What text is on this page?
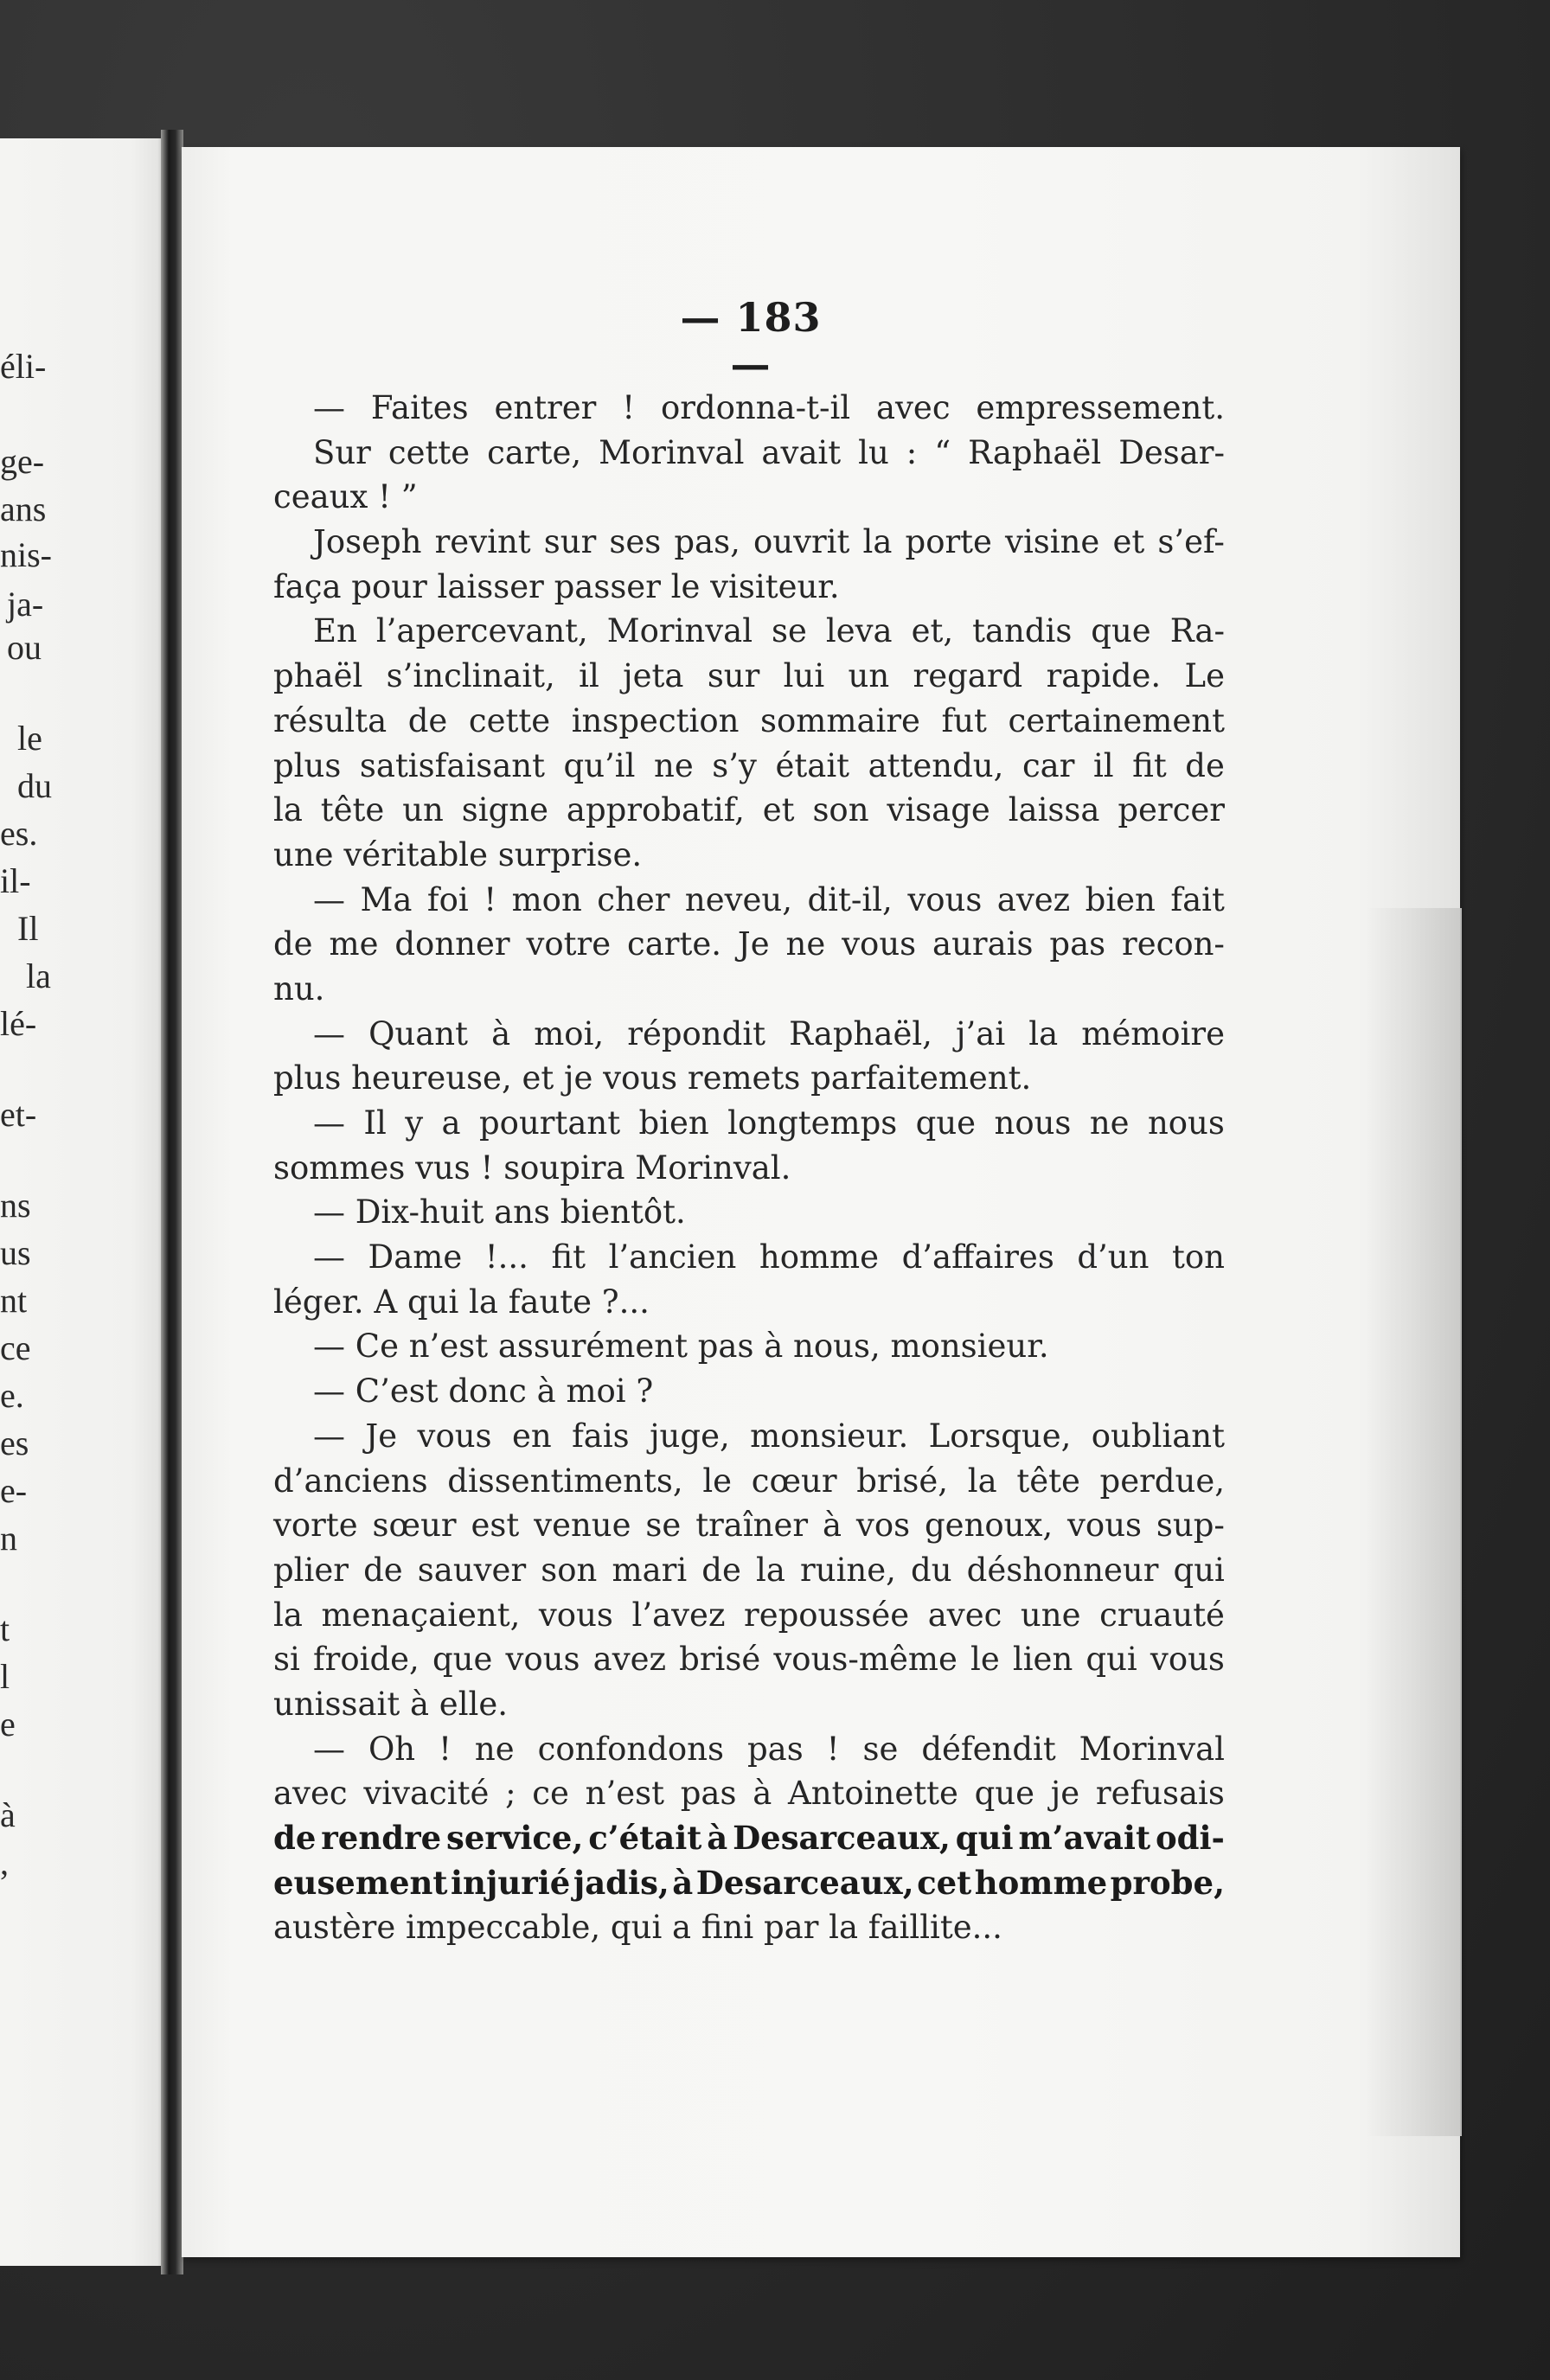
éli-
ge-
ans
nis-
ja-
ou
le
du
es.
il-
Il
la
lé-
et-
ns
us
nt
ce
e.
es
e-
n
t
l
e
à
,
— 183 —
— Faites entrer ! ordonna-t-il avec empressement.
Sur cette carte, Morinval avait lu : “ Raphaël Desar-
ceaux ! ”
Joseph revint sur ses pas, ouvrit la porte visine et s’ef-
faça pour laisser passer le visiteur.
En l’apercevant, Morinval se leva et, tandis que Ra-
phaël s’inclinait, il jeta sur lui un regard rapide. Le
résulta de cette inspection sommaire fut certainement
plus satisfaisant qu’il ne s’y était attendu, car il fit de
la tête un signe approbatif, et son visage laissa percer
une véritable surprise.
— Ma foi ! mon cher neveu, dit-il, vous avez bien fait
de me donner votre carte. Je ne vous aurais pas recon-
nu.
— Quant à moi, répondit Raphaël, j’ai la mémoire
plus heureuse, et je vous remets parfaitement.
— Il y a pourtant bien longtemps que nous ne nous
sommes vus ! soupira Morinval.
— Dix-huit ans bientôt.
— Dame !... fit l’ancien homme d’affaires d’un ton
léger. A qui la faute ?...
— Ce n’est assurément pas à nous, monsieur.
— C’est donc à moi ?
— Je vous en fais juge, monsieur. Lorsque, oubliant
d’anciens dissentiments, le cœur brisé, la tête perdue,
vorte sœur est venue se traîner à vos genoux, vous sup-
plier de sauver son mari de la ruine, du déshonneur qui
la menaçaient, vous l’avez repoussée avec une cruauté
si froide, que vous avez brisé vous-même le lien qui vous
unissait à elle.
— Oh ! ne confondons pas ! se défendit Morinval
avec vivacité ; ce n’est pas à Antoinette que je refusais
de rendre service, c’était à Desarceaux, qui m’avait odi-
eusement injurié jadis, à Desarceaux, cet homme probe,
austère impeccable, qui a fini par la faillite...
